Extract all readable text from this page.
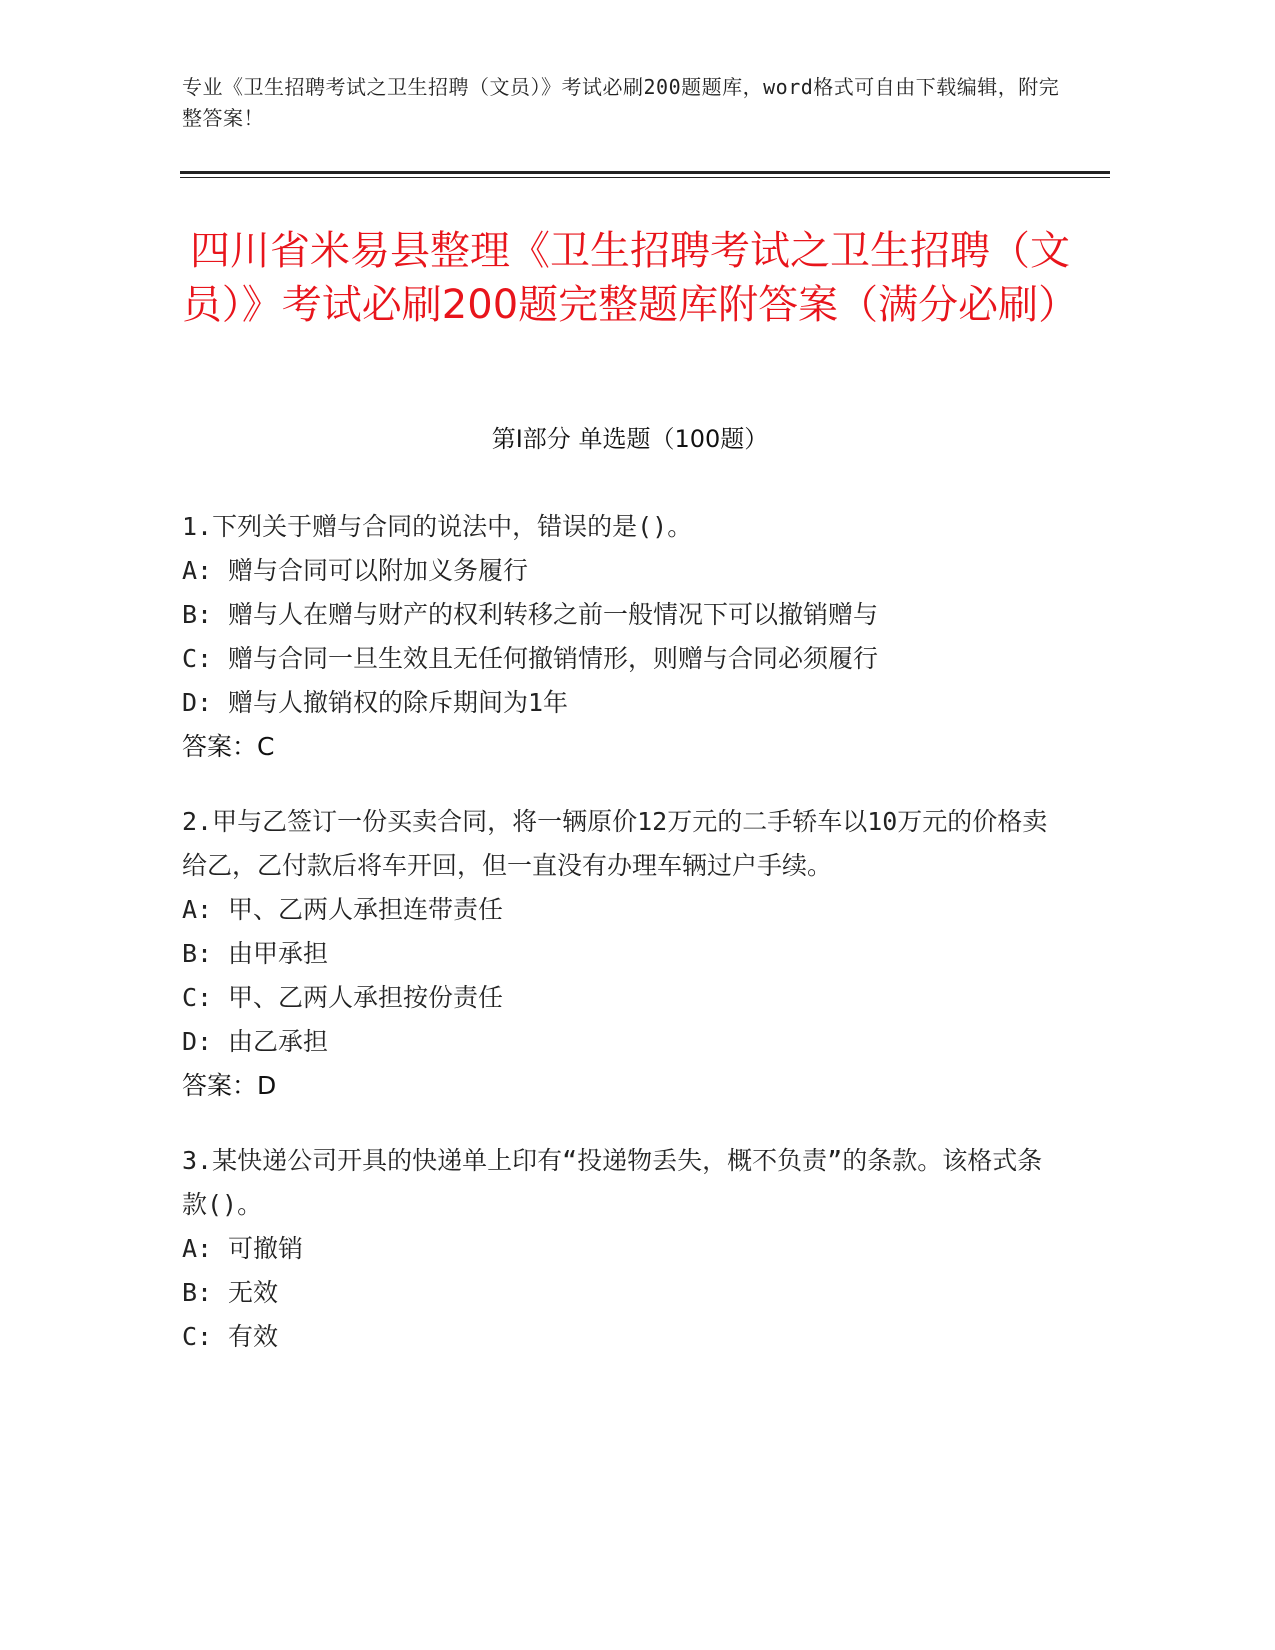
专业《卫生招聘考试之卫生招聘（文员）》考试必刷200题题库，word格式可自由下载编辑，附完整答案！
四川省米易县整理《卫生招聘考试之卫生招聘（文员）》考试必刷200题完整题库附答案（满分必刷）
第Ⅰ部分 单选题（100题）
1.下列关于赠与合同的说法中，错误的是()。
A: 赠与合同可以附加义务履行
B: 赠与人在赠与财产的权利转移之前一般情况下可以撤销赠与
C: 赠与合同一旦生效且无任何撤销情形，则赠与合同必须履行
D: 赠与人撤销权的除斥期间为1年
答案：C
2.甲与乙签订一份买卖合同，将一辆原价12万元的二手轿车以10万元的价格卖给乙，乙付款后将车开回，但一直没有办理车辆过户手续。
A: 甲、乙两人承担连带责任
B: 由甲承担
C: 甲、乙两人承担按份责任
D: 由乙承担
答案：D
3.某快递公司开具的快递单上印有“投递物丢失，概不负责”的条款。该格式条款()。
A: 可撤销
B: 无效
C: 有效
